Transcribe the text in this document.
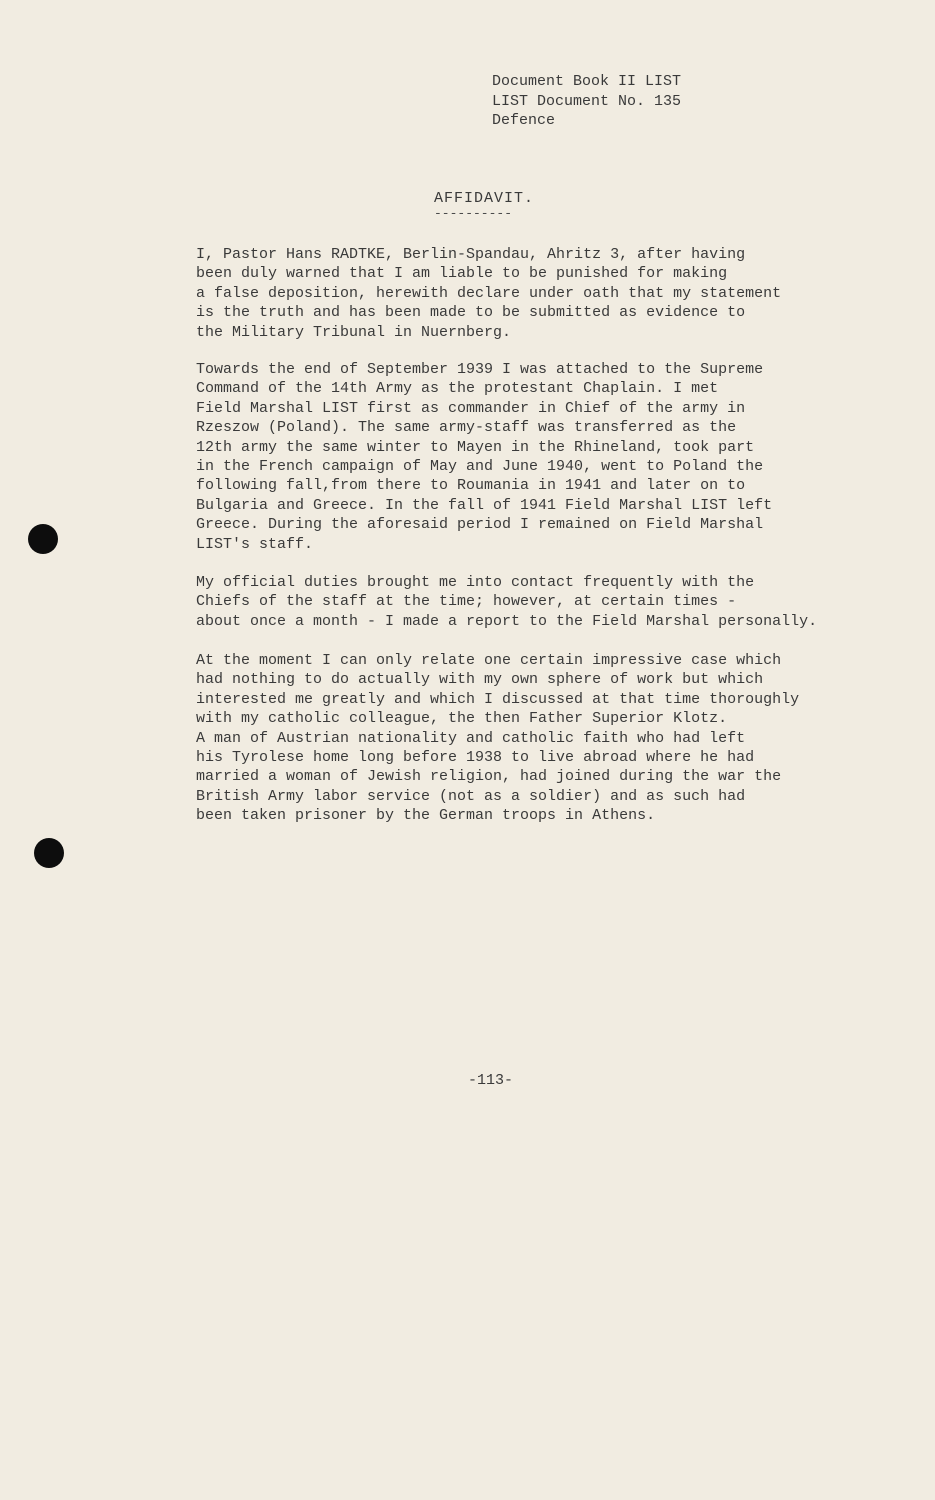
Document Book II LIST
LIST Document No. 135
Defence
AFFIDAVIT.
----------
I, Pastor Hans RADTKE, Berlin-Spandau, Ahritz 3, after having
been duly warned that I am liable to be punished for making
a false deposition, herewith declare under oath that my statement
is the truth and has been made to be submitted as evidence to
the Military Tribunal in Nuernberg.
Towards the end of September 1939 I was attached to the Supreme
Command of the 14th Army as the protestant Chaplain. I met
Field Marshal LIST first as commander in Chief of the army in
Rzeszow (Poland). The same army-staff was transferred as the
12th army the same winter to Mayen in the Rhineland, took part
in the French campaign of May and June 1940, went to Poland the
following fall,from there to Roumania in 1941 and later on to
Bulgaria and Greece. In the fall of 1941 Field Marshal LIST left
Greece. During the aforesaid period I remained on Field Marshal
LIST's staff.
My official duties brought me into contact frequently with the
Chiefs of the staff at the time; however, at certain times -
about once a month - I made a report to the Field Marshal personally.
At the moment I can only relate one certain impressive case which
had nothing to do actually with my own sphere of work but which
interested me greatly and which I discussed at that time thoroughly
with my catholic colleague, the then Father Superior Klotz.
A man of Austrian nationality and catholic faith who had left
his Tyrolese home long before 1938 to live abroad where he had
married a woman of Jewish religion, had joined during the war the
British Army labor service (not as a soldier) and as such had
been taken prisoner by the German troops in Athens.
-113-
